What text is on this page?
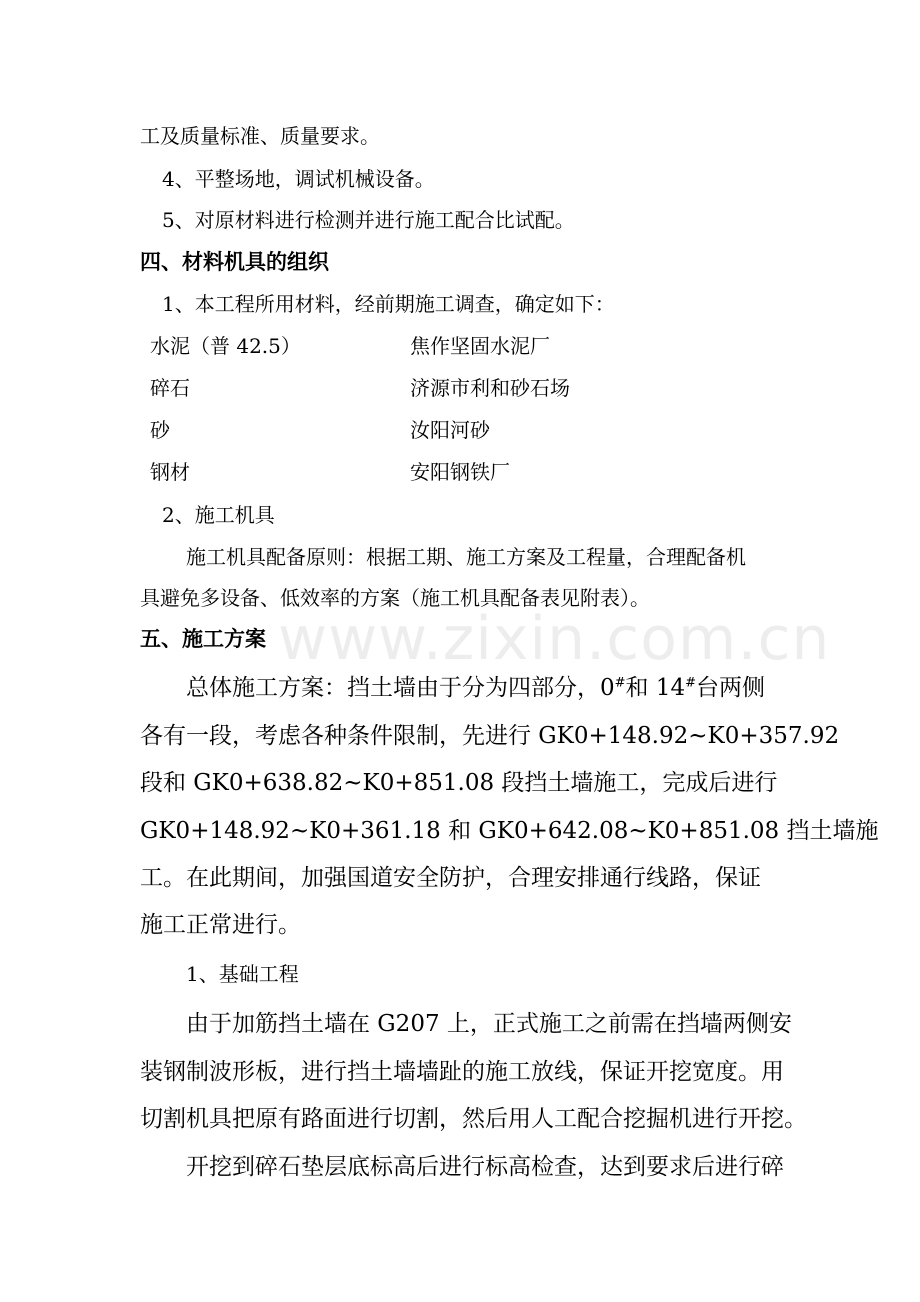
www.zixin.com.cn
工及质量标准、质量要求。
4、平整场地，调试机械设备。
5、对原材料进行检测并进行施工配合比试配。
四、材料机具的组织
1、本工程所用材料，经前期施工调查，确定如下：
水泥（普 42.5）	焦作坚固水泥厂
碎石	济源市利和砂石场
砂	汝阳河砂
钢材	安阳钢铁厂
2、施工机具
施工机具配备原则：根据工期、施工方案及工程量，合理配备机
具避免多设备、低效率的方案（施工机具配备表见附表）。
五、施工方案
总体施工方案：挡土墙由于分为四部分，0#和 14#台两侧
各有一段，考虑各种条件限制，先进行 GK0+148.92~K0+357.92
段和 GK0+638.82~K0+851.08 段挡土墙施工，完成后进行
GK0+148.92~K0+361.18 和 GK0+642.08~K0+851.08 挡土墙施
工。在此期间，加强国道安全防护，合理安排通行线路，保证
施工正常进行。
1、基础工程
由于加筋挡土墙在 G207 上，正式施工之前需在挡墙两侧安
装钢制波形板，进行挡土墙墙趾的施工放线，保证开挖宽度。用
切割机具把原有路面进行切割，然后用人工配合挖掘机进行开挖。
开挖到碎石垫层底标高后进行标高检查，达到要求后进行碎
